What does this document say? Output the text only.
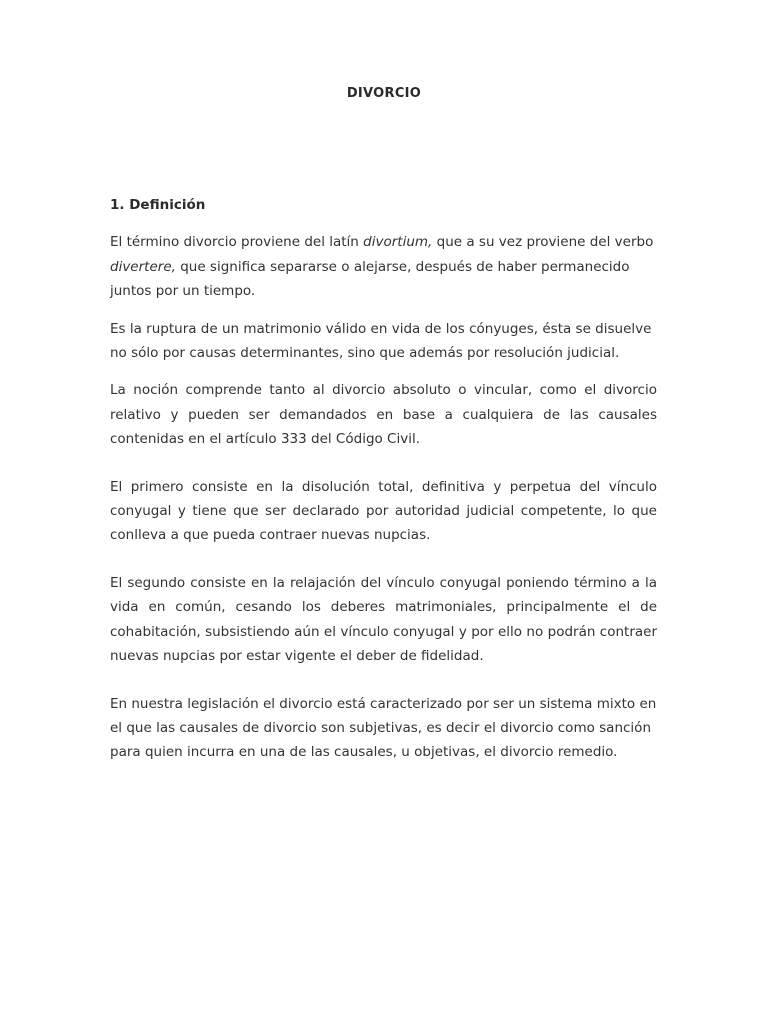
DIVORCIO
1. Definición

El término divorcio proviene del latín divortium, que a su vez proviene del verbo divertere, que significa separarse o alejarse, después de haber permanecido juntos por un tiempo.

Es la ruptura de un matrimonio válido en vida de los cónyuges, ésta se disuelve no sólo por causas determinantes, sino que además por resolución judicial.

La noción comprende tanto al divorcio absoluto o vincular, como el divorcio relativo y pueden ser demandados en base a cualquiera de las causales contenidas en el artículo 333 del Código Civil.

El primero consiste en la disolución total, definitiva y perpetua del vínculo conyugal y tiene que ser declarado por autoridad judicial competente, lo que conlleva a que pueda contraer nuevas nupcias.

El segundo consiste en la relajación del vínculo conyugal poniendo término a la vida en común, cesando los deberes matrimoniales, principalmente el de cohabitación, subsistiendo aún el vínculo conyugal y por ello no podrán contraer nuevas nupcias por estar vigente el deber de fidelidad.

En nuestra legislación el divorcio está caracterizado por ser un sistema mixto en el que las causales de divorcio son subjetivas, es decir el divorcio como sanción para quien incurra en una de las causales, u objetivas, el divorcio remedio.
